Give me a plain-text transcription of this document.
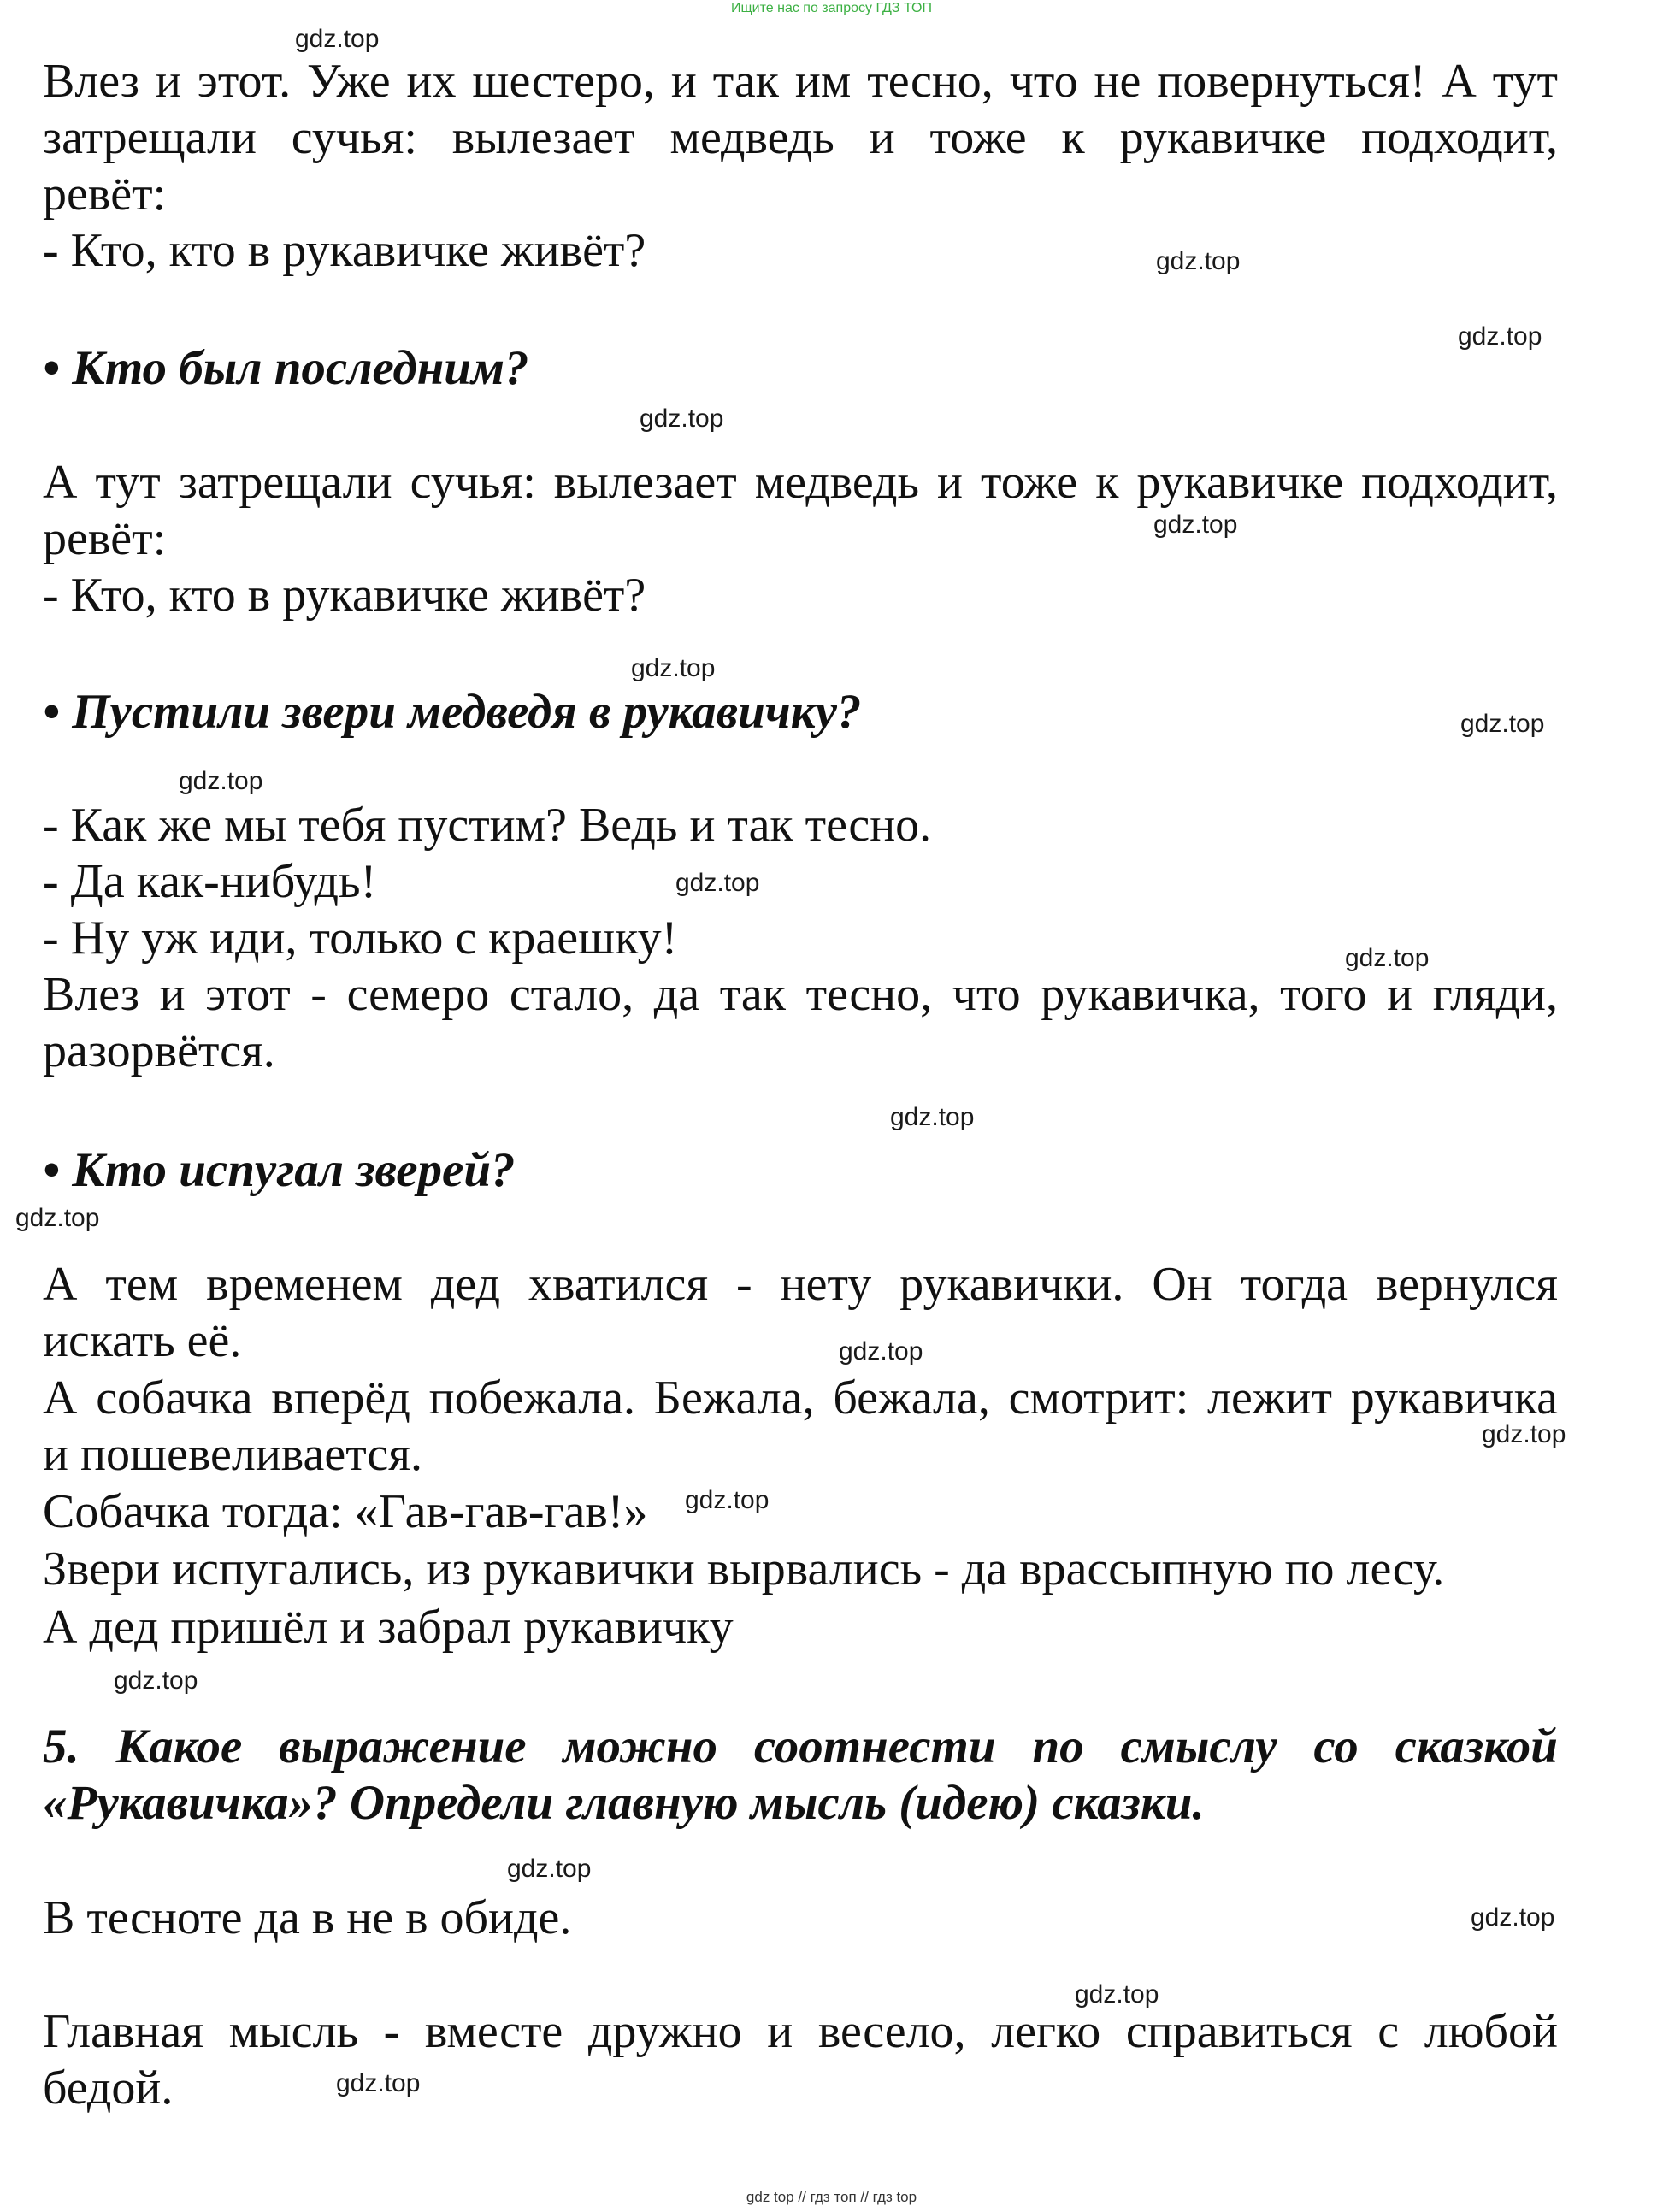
Ищите нас по запросу ГДЗ ТОП
Влез и этот. Уже их шестеро, и так им тесно, что не повернуться! А тут
затрещали сучья: вылезает медведь и тоже к рукавичке подходит,
ревёт:
- Кто, кто в рукавичке живёт?
• Кто был последним?
А тут затрещали сучья: вылезает медведь и тоже к рукавичке подходит,
ревёт:
- Кто, кто в рукавичке живёт?
• Пустили звери медведя в рукавичку?
- Как же мы тебя пустим? Ведь и так тесно.
- Да как-нибудь!
- Ну уж иди, только с краешку!
Влез и этот - семеро стало, да так тесно, что рукавичка, того и гляди,
разорвётся.
• Кто испугал зверей?
А тем временем дед хватился - нету рукавички. Он тогда вернулся
искать её.
А собачка вперёд побежала. Бежала, бежала, смотрит: лежит рукавичка
и пошевеливается.
Собачка тогда: «Гав-гав-гав!»
Звери испугались, из рукавички вырвались - да врассыпную по лесу.
А дед пришёл и забрал рукавичку
5. Какое выражение можно соотнести по смыслу со сказкой
«Рукавичка»? Определи главную мысль (идею) сказки.
В тесноте да в не в обиде.
Главная мысль - вместе дружно и весело, легко справиться с любой
бедой.
gdz.top
gdz.top
gdz.top
gdz.top
gdz.top
gdz.top
gdz.top
gdz.top
gdz.top
gdz.top
gdz.top
gdz.top
gdz.top
gdz.top
gdz.top
gdz.top
gdz.top
gdz.top
gdz.top
gdz.top
gdz top // гдз топ // гдз top
